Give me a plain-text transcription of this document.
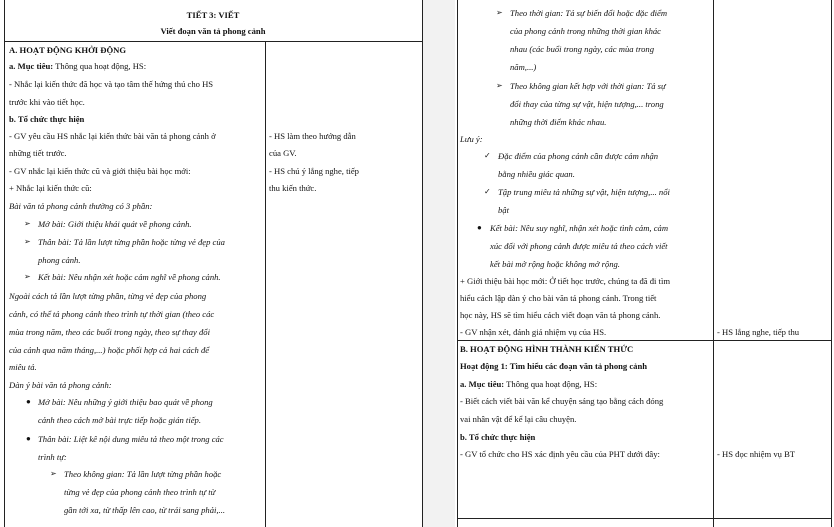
TIẾT 3: VIẾT
Viết đoạn văn tả phong cảnh
A. HOẠT ĐỘNG KHỞI ĐỘNG
a. Mục tiêu: Thông qua hoạt động, HS:
- Nhắc lại kiến thức đã học và tạo tâm thế hứng thú cho HS
trước khi vào tiết học.
b. Tổ chức thực hiện
- GV yêu cầu HS nhắc lại kiến thức bài văn tả phong cảnh ở
những tiết trước.
- GV nhắc lại kiến thức cũ và giới thiệu bài học mới:
+ Nhắc lại kiến thức cũ:
Bài văn tả phong cảnh thường có 3 phần:
➢ Mở bài: Giới thiệu khái quát về phong cảnh.
➢ Thân bài: Tả lần lượt từng phần hoặc từng vẻ đẹp của
phong cảnh.
➢ Kết bài: Nêu nhận xét hoặc cảm nghĩ về phong cảnh.
Ngoài cách tả lần lượt từng phần, từng vẻ đẹp của phong
cảnh, có thể tả phong cảnh theo trình tự thời gian (theo các
mùa trong năm, theo các buổi trong ngày, theo sự thay đổi
của cảnh qua năm tháng,...) hoặc phối hợp cả hai cách để
miêu tả.
Dàn ý bài văn tả phong cảnh:
● Mở bài: Nêu những ý giới thiệu bao quát về phong
cảnh theo cách mở bài trực tiếp hoặc gián tiếp.
● Thân bài: Liệt kê nội dung miêu tả theo một trong các
trình tự:
➢ Theo không gian: Tả lần lượt từng phần hoặc
từng vẻ đẹp của phong cảnh theo trình tự từ
gần tới xa, từ thấp lên cao, từ trái sang phải,...
- HS làm theo hướng dẫn
của GV.
- HS chú ý lắng nghe, tiếp
thu kiến thức.
➢ Theo thời gian: Tả sự biến đổi hoặc đặc điểm
của phong cảnh trong những thời gian khác
nhau (các buổi trong ngày, các mùa trong
năm,...)
➢ Theo không gian kết hợp với thời gian: Tả sự
đổi thay của từng sự vật, hiện tượng,... trong
những thời điểm khác nhau.
Lưu ý:
✓ Đặc điểm của phong cảnh cần được cảm nhận
bằng nhiều giác quan.
✓ Tập trung miêu tả những sự vật, hiện tượng,... nổi
bật
● Kết bài: Nêu suy nghĩ, nhận xét hoặc tình cảm, cảm
xúc đối với phong cảnh được miêu tả theo cách viết
kết bài mở rộng hoặc không mở rộng.
+ Giới thiệu bài học mới: Ở tiết học trước, chúng ta đã đi tìm
hiểu cách lập dàn ý cho bài văn tả phong cảnh. Trong tiết
học này, HS sẽ tìm hiểu cách viết đoạn văn tả phong cảnh.
- GV nhận xét, đánh giá nhiệm vụ của HS.	- HS lắng nghe, tiếp thu
B. HOẠT ĐỘNG HÌNH THÀNH KIẾN THỨC
Hoạt động 1: Tìm hiểu các đoạn văn tả phong cảnh
a. Mục tiêu: Thông qua hoạt động, HS:
- Biết cách viết bài văn kể chuyện sáng tạo bằng cách đóng
vai nhân vật để kể lại câu chuyện.
b. Tổ chức thực hiện
- GV tổ chức cho HS xác định yêu cầu của PHT dưới đây:	- HS đọc nhiệm vụ BT
